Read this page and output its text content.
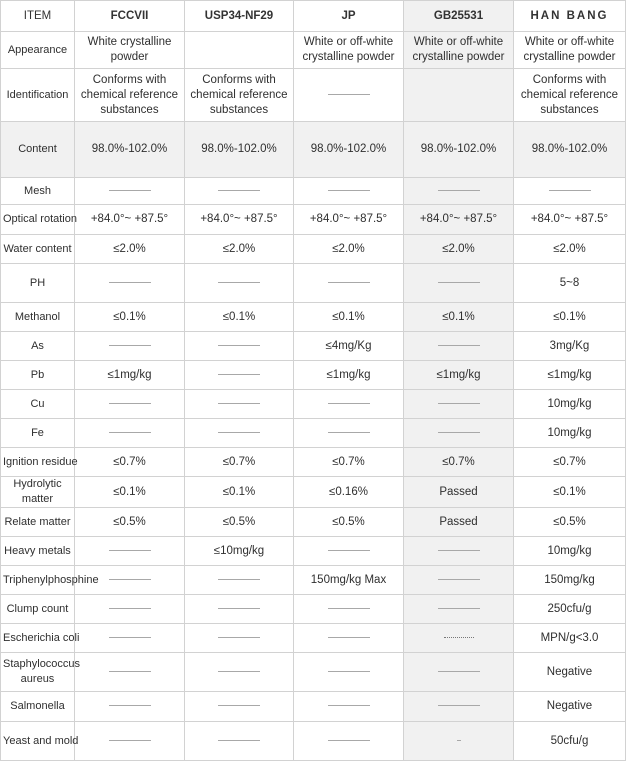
ITEM	FCCVII	USP34-NF29	JP	GB25531	HAN BANG
Appearance	White crystalline powder		White or off-white crystalline powder	White or off-white crystalline powder	White or off-white crystalline powder
Identification	Conforms with chemical reference substances	Conforms with chemical reference substances			Conforms with chemical reference substances
Content	98.0%-102.0%	98.0%-102.0%	98.0%-102.0%	98.0%-102.0%	98.0%-102.0%
Mesh					
Optical rotation	+84.0°~ +87.5°	+84.0°~ +87.5°	+84.0°~ +87.5°	+84.0°~ +87.5°	+84.0°~ +87.5°
Water content	≤2.0%	≤2.0%	≤2.0%	≤2.0%	≤2.0%
PH					5~8
Methanol	≤0.1%	≤0.1%	≤0.1%	≤0.1%	≤0.1%
As			≤4mg/Kg		3mg/Kg
Pb	≤1mg/kg		≤1mg/kg	≤1mg/kg	≤1mg/kg
Cu					10mg/kg
Fe					10mg/kg
Ignition residue	≤0.7%	≤0.7%	≤0.7%	≤0.7%	≤0.7%
Hydrolytic matter	≤0.1%	≤0.1%	≤0.16%	Passed	≤0.1%
Relate matter	≤0.5%	≤0.5%	≤0.5%	Passed	≤0.5%
Heavy metals		≤10mg/kg			10mg/kg
Triphenylphosphine			150mg/kg Max		150mg/kg
Clump count					250cfu/g
Escherichia coli					MPN/g<3.0
Staphylococcus aureus					Negative
Salmonella					Negative
Yeast and mold					50cfu/g
